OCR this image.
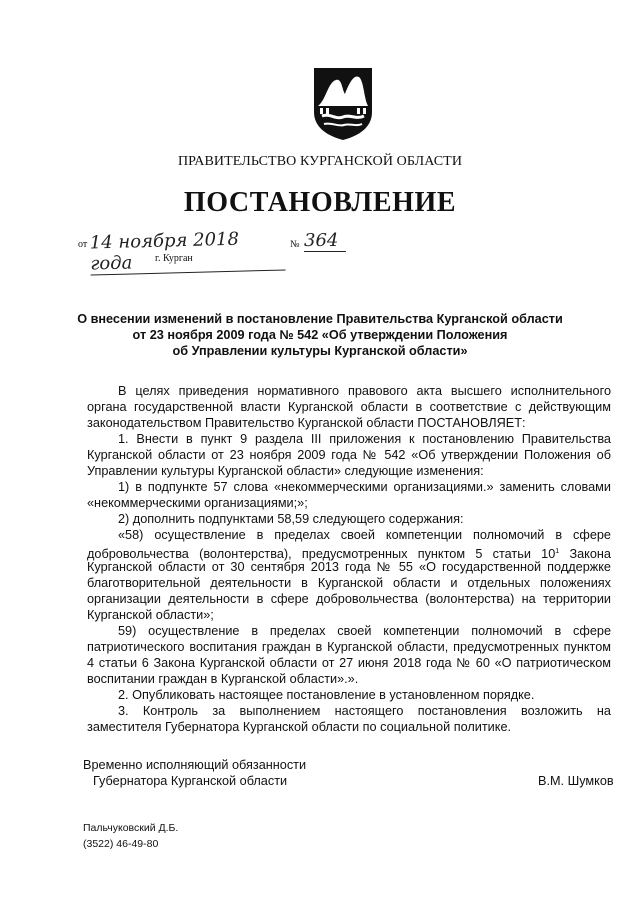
ПРАВИТЕЛЬСТВО КУРГАНСКОЙ ОБЛАСТИ
ПОСТАНОВЛЕНИЕ
от 14 ноября 2018 года
№ 364
г. Курган
О внесении изменений в постановление Правительства Курганской области
от 23 ноября 2009 года № 542 «Об утверждении Положения
об Управлении культуры Курганской области»
В целях приведения нормативного правового акта высшего исполнительного
органа государственной власти Курганской области в соответствие с действующим
законодательством Правительство Курганской области ПОСТАНОВЛЯЕТ:
1. Внести в пункт 9 раздела III приложения к постановлению Правительства
Курганской области от 23 ноября 2009 года № 542 «Об утверждении Положения об
Управлении культуры Курганской области» следующие изменения:
1) в подпункте 57 слова «некоммерческими организациями.» заменить словами
«некоммерческими организациями;»;
2) дополнить подпунктами 58,59 следующего содержания:
«58) осуществление в пределах своей компетенции полномочий в сфере
добровольчества (волонтерства), предусмотренных пунктом 5 статьи $10^1$ Закона
Курганской области от 30 сентября 2013 года № 55 «О государственной поддержке
благотворительной деятельности в Курганской области и отдельных положениях
организации деятельности в сфере добровольчества (волонтерства) на территории
Курганской области»;
59) осуществление в пределах своей компетенции полномочий в сфере
патриотического воспитания граждан в Курганской области, предусмотренных пунктом
4 статьи 6 Закона Курганской области от 27 июня 2018 года № 60 «О патриотическом
воспитании граждан в Курганской области».».
2. Опубликовать настоящее постановление в установленном порядке.
3. Контроль за выполнением настоящего постановления возложить на
заместителя Губернатора Курганской области по социальной политике.
Временно исполняющий обязанности
Губернатора Курганской области	В.М. Шумков
Пальчуковский Д.Б.
(3522) 46-49-80
